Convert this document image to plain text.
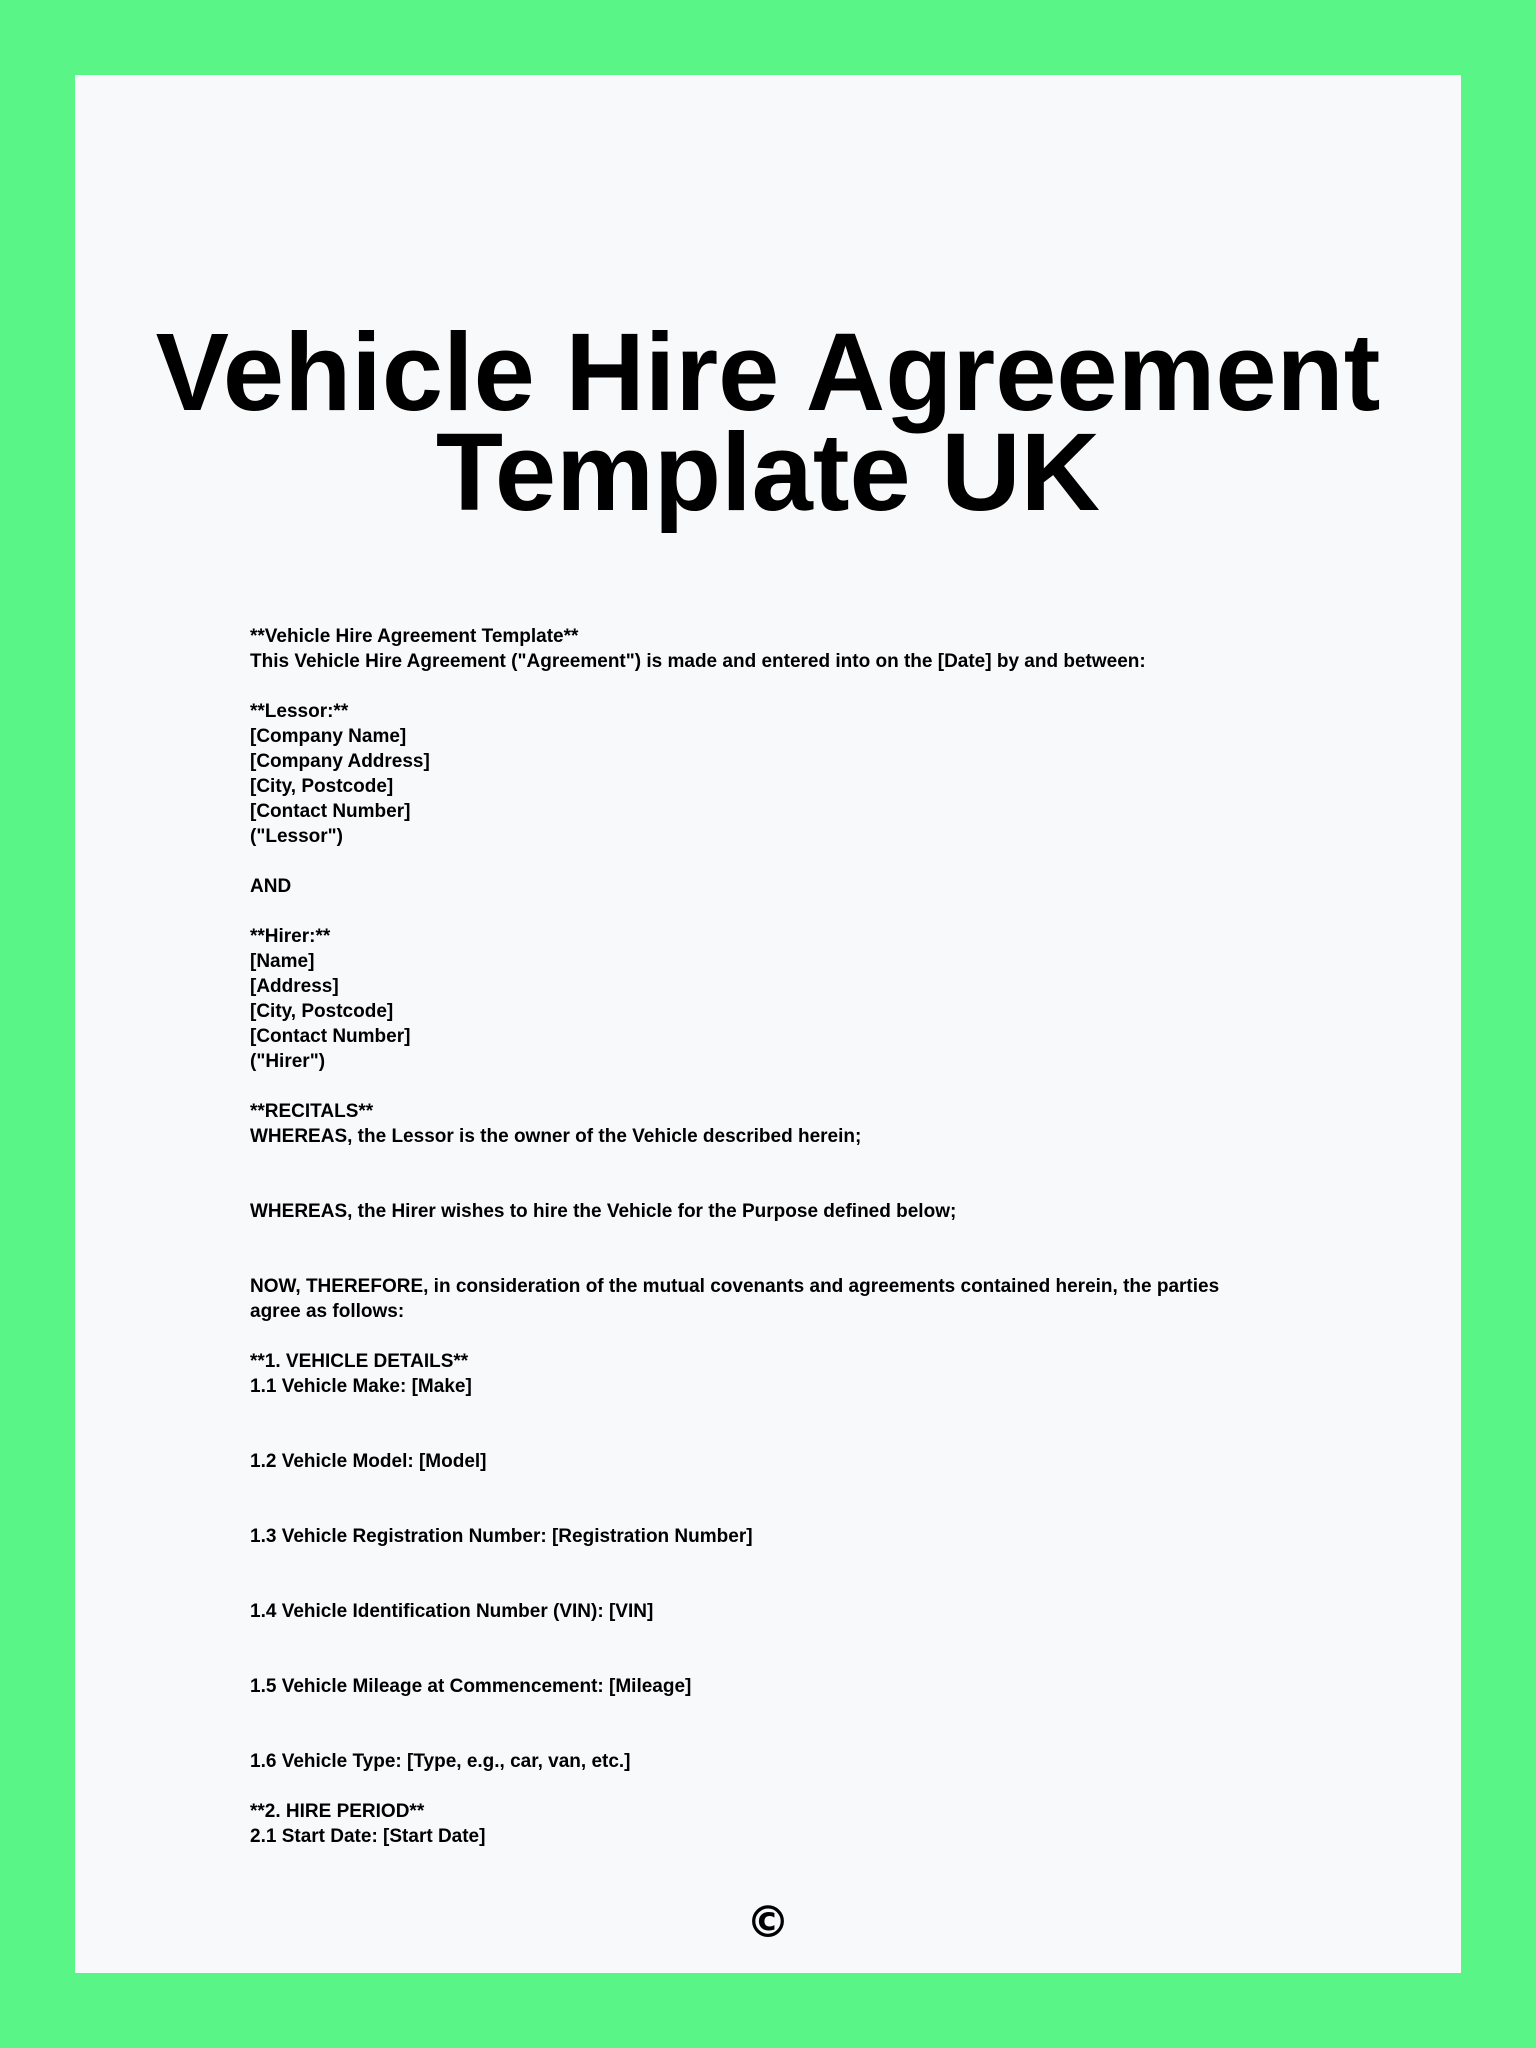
Vehicle Hire Agreement
Template UK
**Vehicle Hire Agreement Template**
This Vehicle Hire Agreement ("Agreement") is made and entered into on the [Date] by and between:
**Lessor:**
[Company Name]
[Company Address]
[City, Postcode]
[Contact Number]
("Lessor")
AND
**Hirer:**
[Name]
[Address]
[City, Postcode]
[Contact Number]
("Hirer")
**RECITALS**
WHEREAS, the Lessor is the owner of the Vehicle described herein;
WHEREAS, the Hirer wishes to hire the Vehicle for the Purpose defined below;
NOW, THEREFORE, in consideration of the mutual covenants and agreements contained herein, the parties
agree as follows:
**1. VEHICLE DETAILS**
1.1 Vehicle Make: [Make]
1.2 Vehicle Model: [Model]
1.3 Vehicle Registration Number: [Registration Number]
1.4 Vehicle Identification Number (VIN): [VIN]
1.5 Vehicle Mileage at Commencement: [Mileage]
1.6 Vehicle Type: [Type, e.g., car, van, etc.]
**2. HIRE PERIOD**
2.1 Start Date: [Start Date]
©
